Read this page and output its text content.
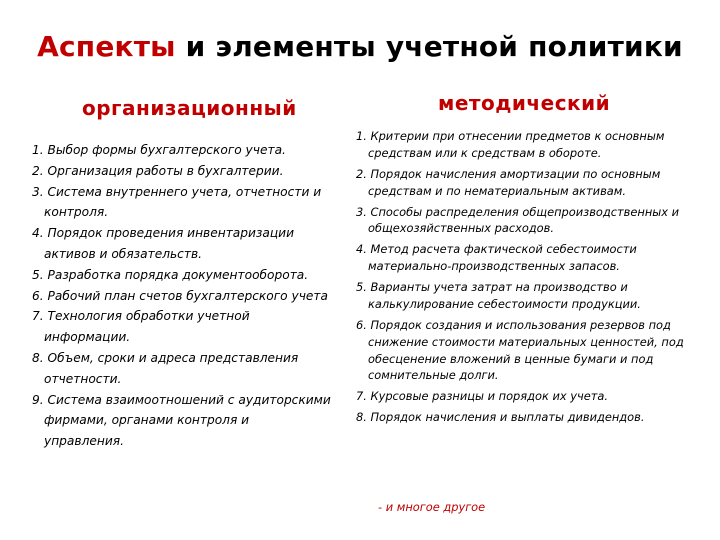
Аспекты и элементы учетной политики
организационный	методический
1. Выбор формы бухгалтерского учета.
2. Организация работы в бухгалтерии.
3. Система внутреннего учета, отчетности и контроля.
4. Порядок проведения инвентаризации активов и обязательств.
5. Разработка порядка документооборота.
6. Рабочий план счетов бухгалтерского учета
7. Технология обработки учетной информации.
8. Объем, сроки и адреса представления отчетности.
9. Система взаимоотношений с аудиторскими фирмами, органами контроля и управления.
1. Критерии при отнесении предметов к основным средствам или к средствам в обороте.
2. Порядок начисления амортизации по основным средствам и по нематериальным активам.
3. Способы распределения общепроизводственных и общехозяйственных расходов.
4. Метод расчета фактической себестоимости материально-производственных запасов.
5. Варианты учета затрат на производство и калькулирование себестоимости продукции.
6. Порядок создания и использования резервов под снижение стоимости материальных ценностей, под обесценение вложений в ценные бумаги и под сомнительные долги.
7. Курсовые разницы и порядок их учета.
8. Порядок начисления и выплаты дивидендов.
- и многое другое
